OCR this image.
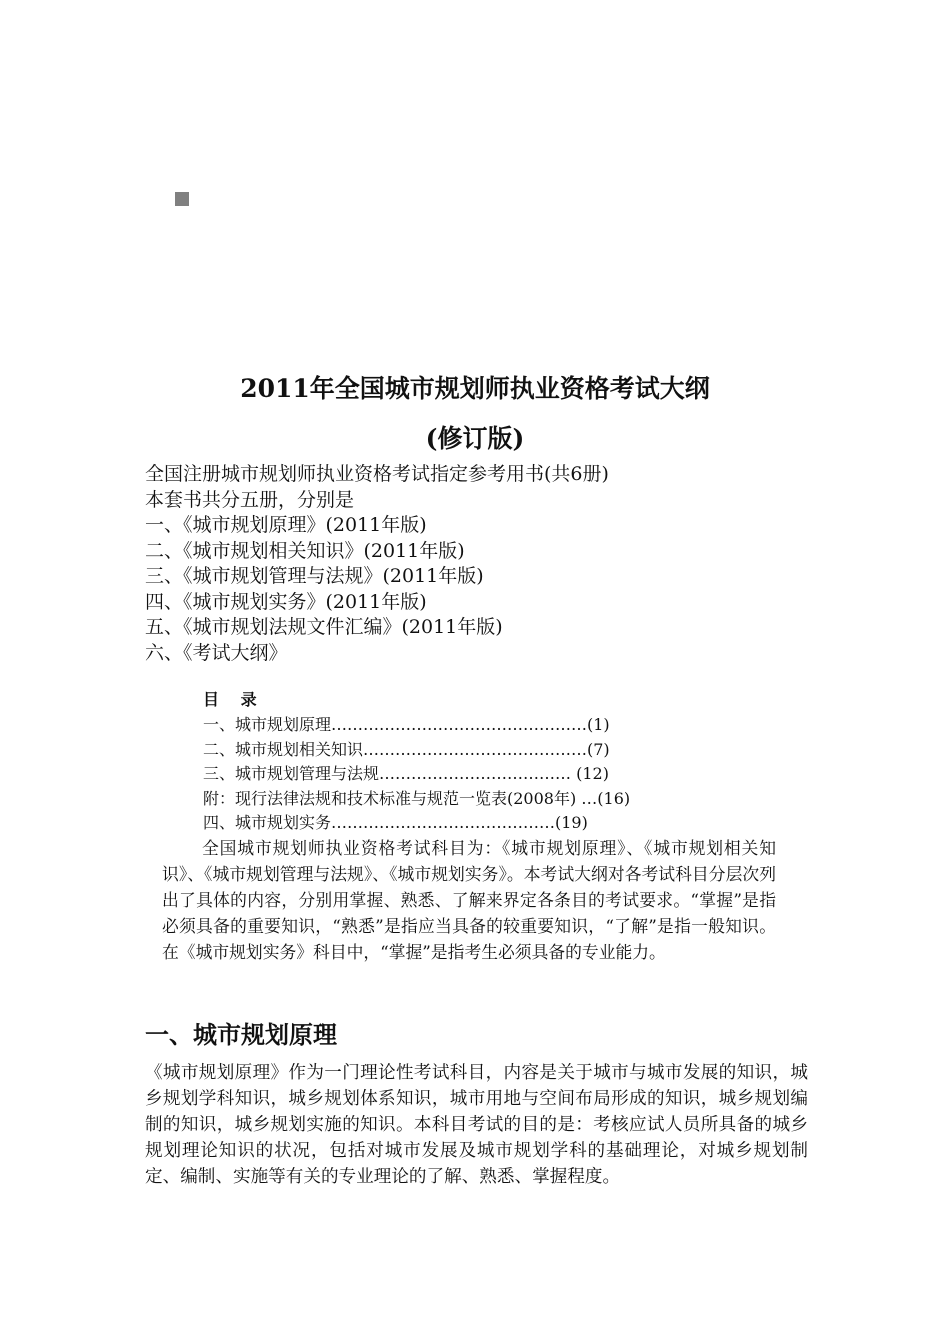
2011年全国城市规划师执业资格考试大纲
(修订版)
全国注册城市规划师执业资格考试指定参考用书(共6册)
本套书共分五册，分别是
一、《城市规划原理》(2011年版)
二、《城市规划相关知识》(2011年版)
三、《城市规划管理与法规》(2011年版)
四、《城市规划实务》(2011年版)
五、《城市规划法规文件汇编》(2011年版)
六、《考试大纲》
目 录
一、城市规划原理…………………………………………(1)
二、城市规划相关知识……………………………………(7)
三、城市规划管理与法规……………………………… (12)
附：现行法律法规和技术标准与规范一览表(2008年) …(16)
四、城市规划实务……………………………………(19)
全国城市规划师执业资格考试科目为：《城市规划原理》、《城市规划相关知识》、《城市规划管理与法规》、《城市规划实务》。本考试大纲对各考试科目分层次列出了具体的内容，分别用掌握、熟悉、了解来界定各条目的考试要求。“掌握”是指必须具备的重要知识，“熟悉”是指应当具备的较重要知识，“了解”是指一般知识。在《城市规划实务》科目中，“掌握”是指考生必须具备的专业能力。
一、城市规划原理
《城市规划原理》作为一门理论性考试科目，内容是关于城市与城市发展的知识，城乡规划学科知识，城乡规划体系知识，城市用地与空间布局形成的知识，城乡规划编制的知识，城乡规划实施的知识。本科目考试的目的是：考核应试人员所具备的城乡规划理论知识的状况，包括对城市发展及城市规划学科的基础理论，对城乡规划制定、编制、实施等有关的专业理论的了解、熟悉、掌握程度。
